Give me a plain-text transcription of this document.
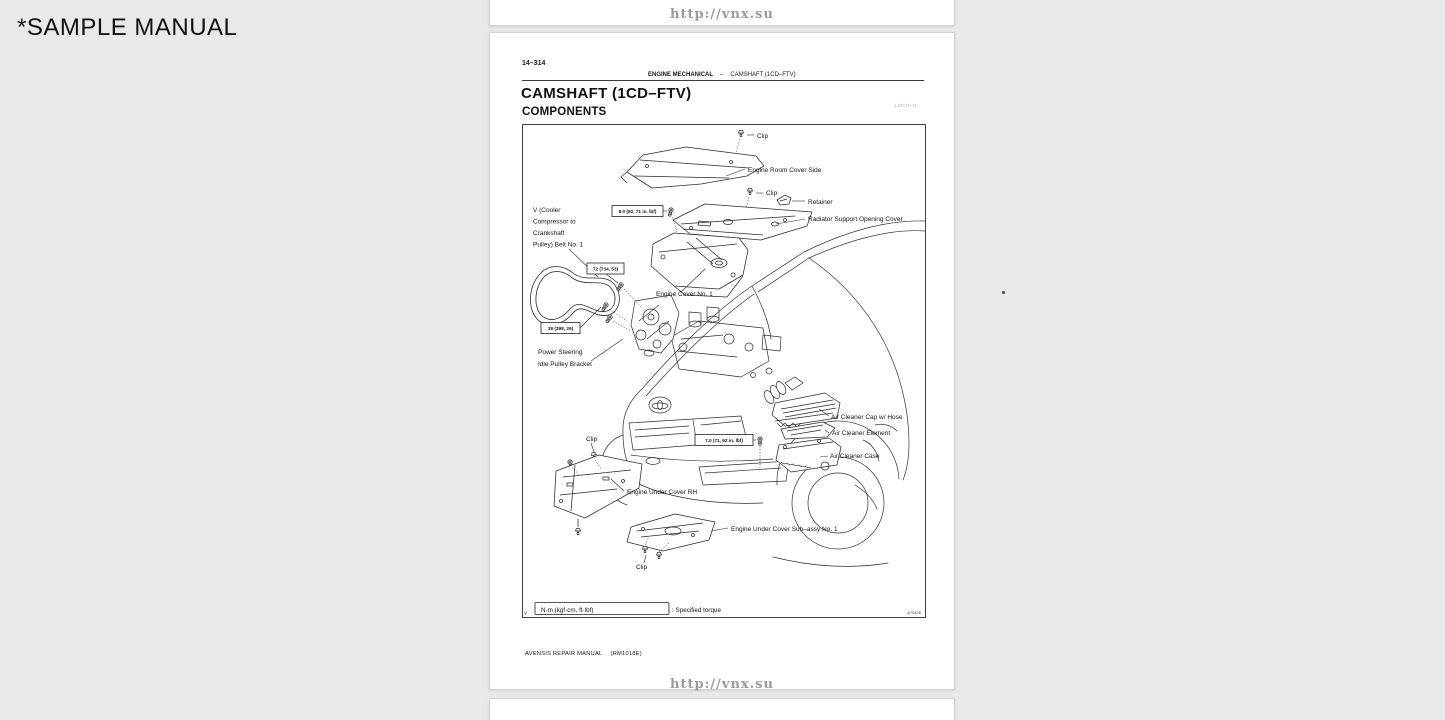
*SAMPLE MANUAL	http://vnx.su
14–314
ENGINE MECHANICAL – CAMSHAFT (1CD–FTV)
CAMSHAFT (1CD–FTV)
COMPONENTS
140CH-01
8.0 (82, 71 in. lbf)
72 (734, 53)
39 (398, 29)
7.0 (71, 62 in. lbf)
Clip
Engine Room Cover Side
Clip
Retainer
Radiator Support Opening Cover
V (Cooler
Compressor to
Crankshaft
Pulley) Belt No. 1
Engine Cover No. 1
Power Steering
Idle Pulley Bracket
Air Cleaner Cap w/ Hose
Air Cleaner Element
Air Cleaner Case
Clip
Engine Under Cover RH
Engine Under Cover Sub–assy No. 1
Clip
Y N·m (kgf·cm, ft·lbf)	: Specified torque	A79426
AVENSIS REPAIR MANUAL (RM1018E)
http://vnx.su
